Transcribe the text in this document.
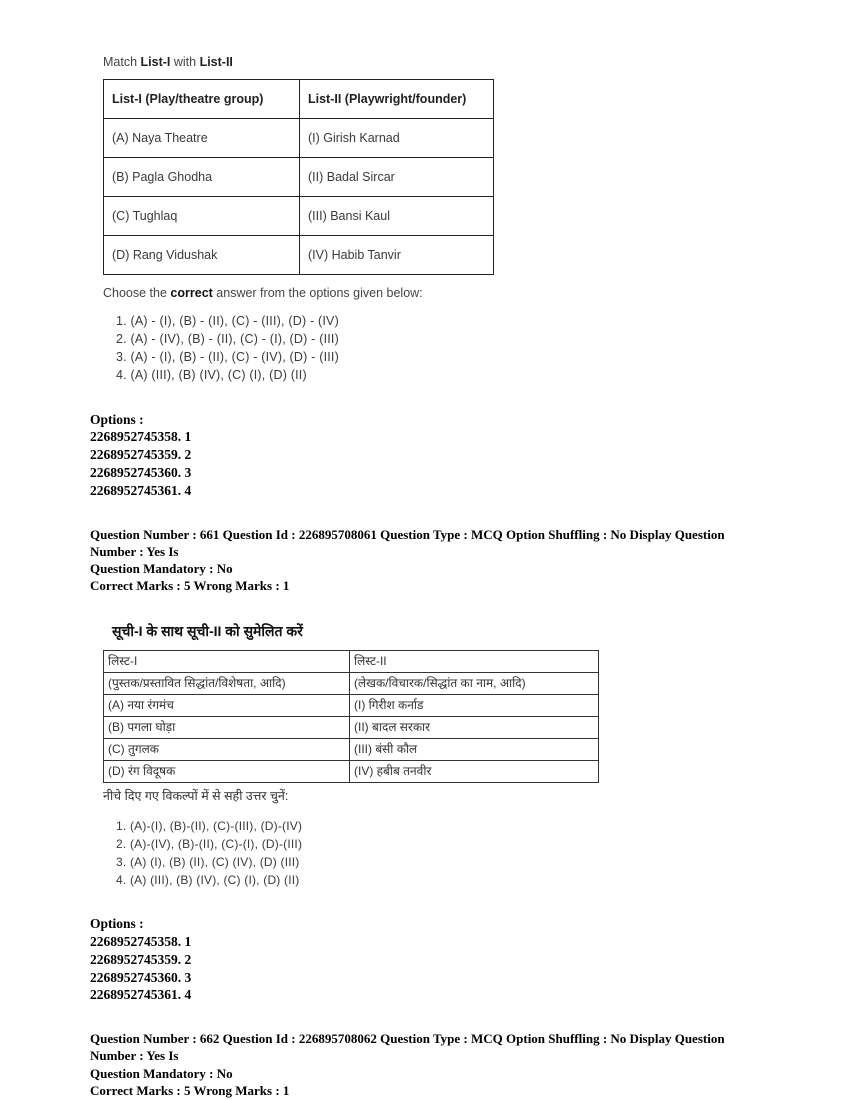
Match List-I with List-II

List-I (Play/theatre group)	List-II (Playwright/founder)
(A) Naya Theatre	(I) Girish Karnad
(B) Pagla Ghodha	(II) Badal Sircar
(C) Tughlaq	(III) Bansi Kaul
(D) Rang Vidushak	(IV) Habib Tanvir

Choose the correct answer from the options given below:

1. (A) - (I), (B) - (II), (C) - (III), (D) - (IV)
2. (A) - (IV), (B) - (II), (C) - (I), (D) - (III)
3. (A) - (I), (B) - (II), (C) - (IV), (D) - (III)
4. (A) (III), (B) (IV), (C) (I), (D) (II)
Options :
2268952745358. 1
2268952745359. 2
2268952745360. 3
2268952745361. 4
Question Number : 661 Question Id : 226895708061 Question Type : MCQ Option Shuffling : No Display Question Number : Yes Is
Question Mandatory : No
Correct Marks : 5 Wrong Marks : 1

सूची-I के साथ सूची-II को सुमेलित करें

लिस्ट-I	लिस्ट-II
(पुस्तक/प्रस्तावित सिद्धांत/विशेषता, आदि)	(लेखक/विचारक/सिद्धांत का नाम, आदि)
(A) नया रंगमंच	(I) गिरीश कर्नाड
(B) पगला घोड़ा	(II) बादल सरकार
(C) तुगलक	(III) बंसी कौल
(D) रंग विदूषक	(IV) हबीब तनवीर

नीचे दिए गए विकल्पों में से सही उत्तर चुनें:

1. (A)-(I), (B)-(II), (C)-(III), (D)-(IV)
2. (A)-(IV), (B)-(II), (C)-(I), (D)-(III)
3. (A) (I), (B) (II), (C) (IV), (D) (III)
4. (A) (III), (B) (IV), (C) (I), (D) (II)
Options :
2268952745358. 1
2268952745359. 2
2268952745360. 3
2268952745361. 4
Question Number : 662 Question Id : 226895708062 Question Type : MCQ Option Shuffling : No Display Question Number : Yes Is
Question Mandatory : No
Correct Marks : 5 Wrong Marks : 1
